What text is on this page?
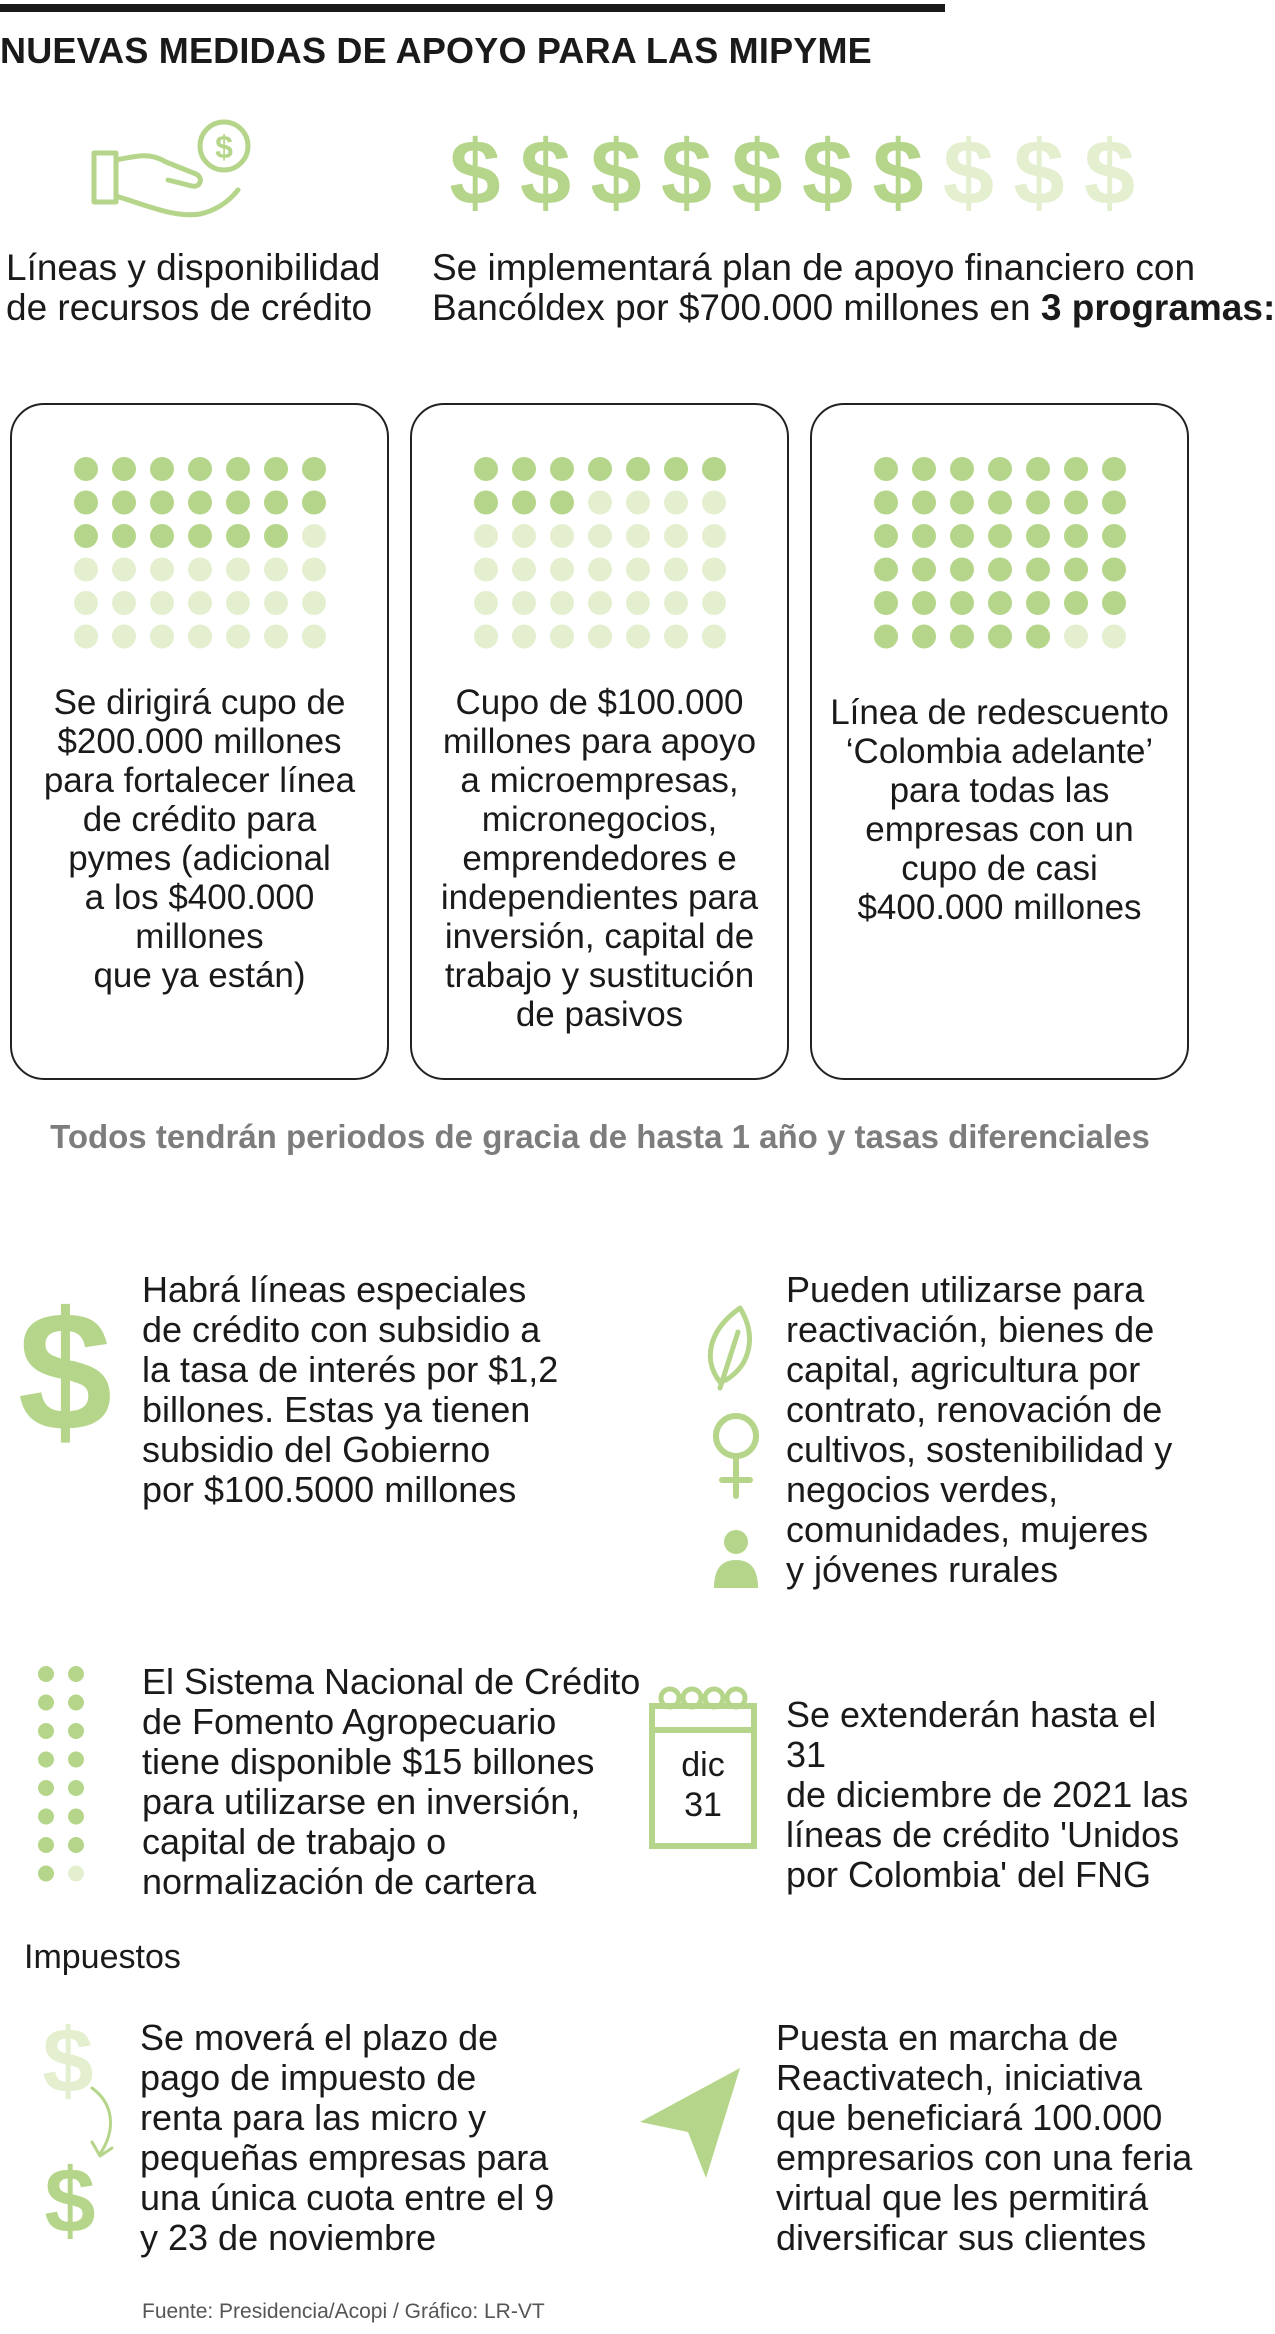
NUEVAS MEDIDAS DE APOYO PARA LAS MIPYME
$ $ $ $ $ $ $ $ $ $ $
Líneas y disponibilidad
de recursos de crédito
Se implementará plan de apoyo financiero con
Bancóldex por $700.000 millones en 3 programas:
Se dirigirá cupo de
$200.000 millones
para fortalecer línea
de crédito para
pymes (adicional
a los $400.000
millones
que ya están)
Cupo de $100.000
millones para apoyo
a microempresas,
micronegocios,
emprendedores e
independientes para
inversión, capital de
trabajo y sustitución
de pasivos
Línea de redescuento
‘Colombia adelante’
para todas las
empresas con un
cupo de casi
$400.000 millones
Todos tendrán periodos de gracia de hasta 1 año y tasas diferenciales
$ Habrá líneas especiales
de crédito con subsidio a
la tasa de interés por $1,2
billones. Estas ya tienen
subsidio del Gobierno
por $100.5000 millones
Pueden utilizarse para
reactivación, bienes de
capital, agricultura por
contrato, renovación de
cultivos, sostenibilidad y
negocios verdes,
comunidades, mujeres
y jóvenes rurales
El Sistema Nacional de Crédito
de Fomento Agropecuario
tiene disponible $15 billones
para utilizarse en inversión,
capital de trabajo o
normalización de cartera
dic
31
Se extenderán hasta el 31
de diciembre de 2021 las
líneas de crédito 'Unidos
por Colombia' del FNG
Impuestos
$
$
Se moverá el plazo de
pago de impuesto de
renta para las micro y
pequeñas empresas para
una única cuota entre el 9
y 23 de noviembre
Puesta en marcha de
Reactivatech, iniciativa
que beneficiará 100.000
empresarios con una feria
virtual que les permitirá
diversificar sus clientes
Fuente: Presidencia/Acopi / Gráfico: LR-VT
